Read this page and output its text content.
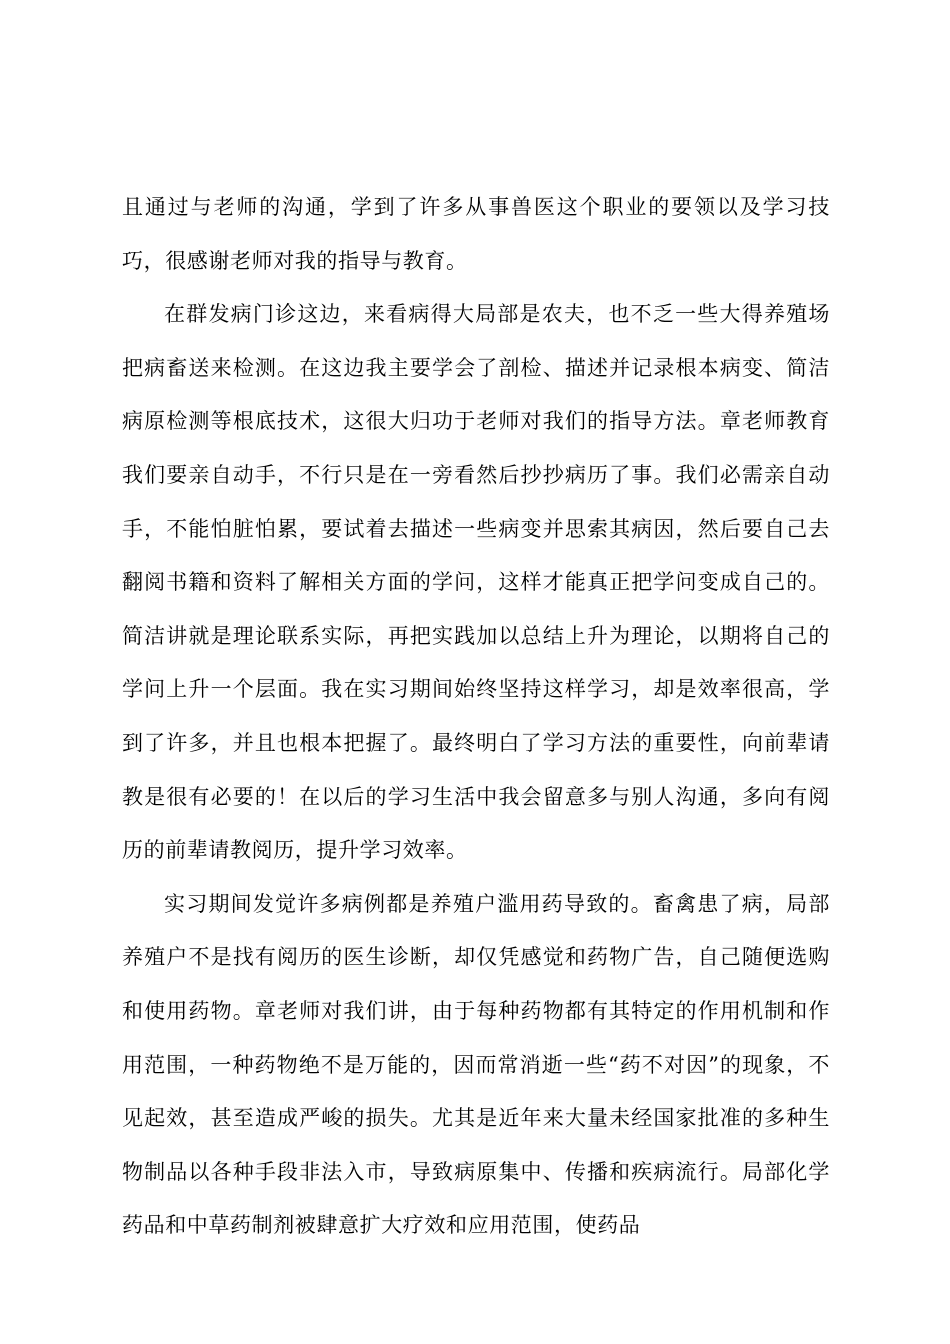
且通过与老师的沟通，学到了许多从事兽医这个职业的要领以及学习技巧，很感谢老师对我的指导与教育。

在群发病门诊这边，来看病得大局部是农夫，也不乏一些大得养殖场把病畜送来检测。在这边我主要学会了剖检、描述并记录根本病变、简洁病原检测等根底技术，这很大归功于老师对我们的指导方法。章老师教育我们要亲自动手，不行只是在一旁看然后抄抄病历了事。我们必需亲自动手，不能怕脏怕累，要试着去描述一些病变并思索其病因，然后要自己去翻阅书籍和资料了解相关方面的学问，这样才能真正把学问变成自己的。简洁讲就是理论联系实际，再把实践加以总结上升为理论，以期将自己的学问上升一个层面。我在实习期间始终坚持这样学习，却是效率很高，学到了许多，并且也根本把握了。最终明白了学习方法的重要性，向前辈请教是很有必要的！在以后的学习生活中我会留意多与别人沟通，多向有阅历的前辈请教阅历，提升学习效率。

实习期间发觉许多病例都是养殖户滥用药导致的。畜禽患了病，局部养殖户不是找有阅历的医生诊断，却仅凭感觉和药物广告，自己随便选购和使用药物。章老师对我们讲，由于每种药物都有其特定的作用机制和作用范围，一种药物绝不是万能的，因而常消逝一些“药不对因”的现象，不见起效，甚至造成严峻的损失。尤其是近年来大量未经国家批准的多种生物制品以各种手段非法入市，导致病原集中、传播和疾病流行。局部化学药品和中草药制剂被肆意扩大疗效和应用范围，使药品
